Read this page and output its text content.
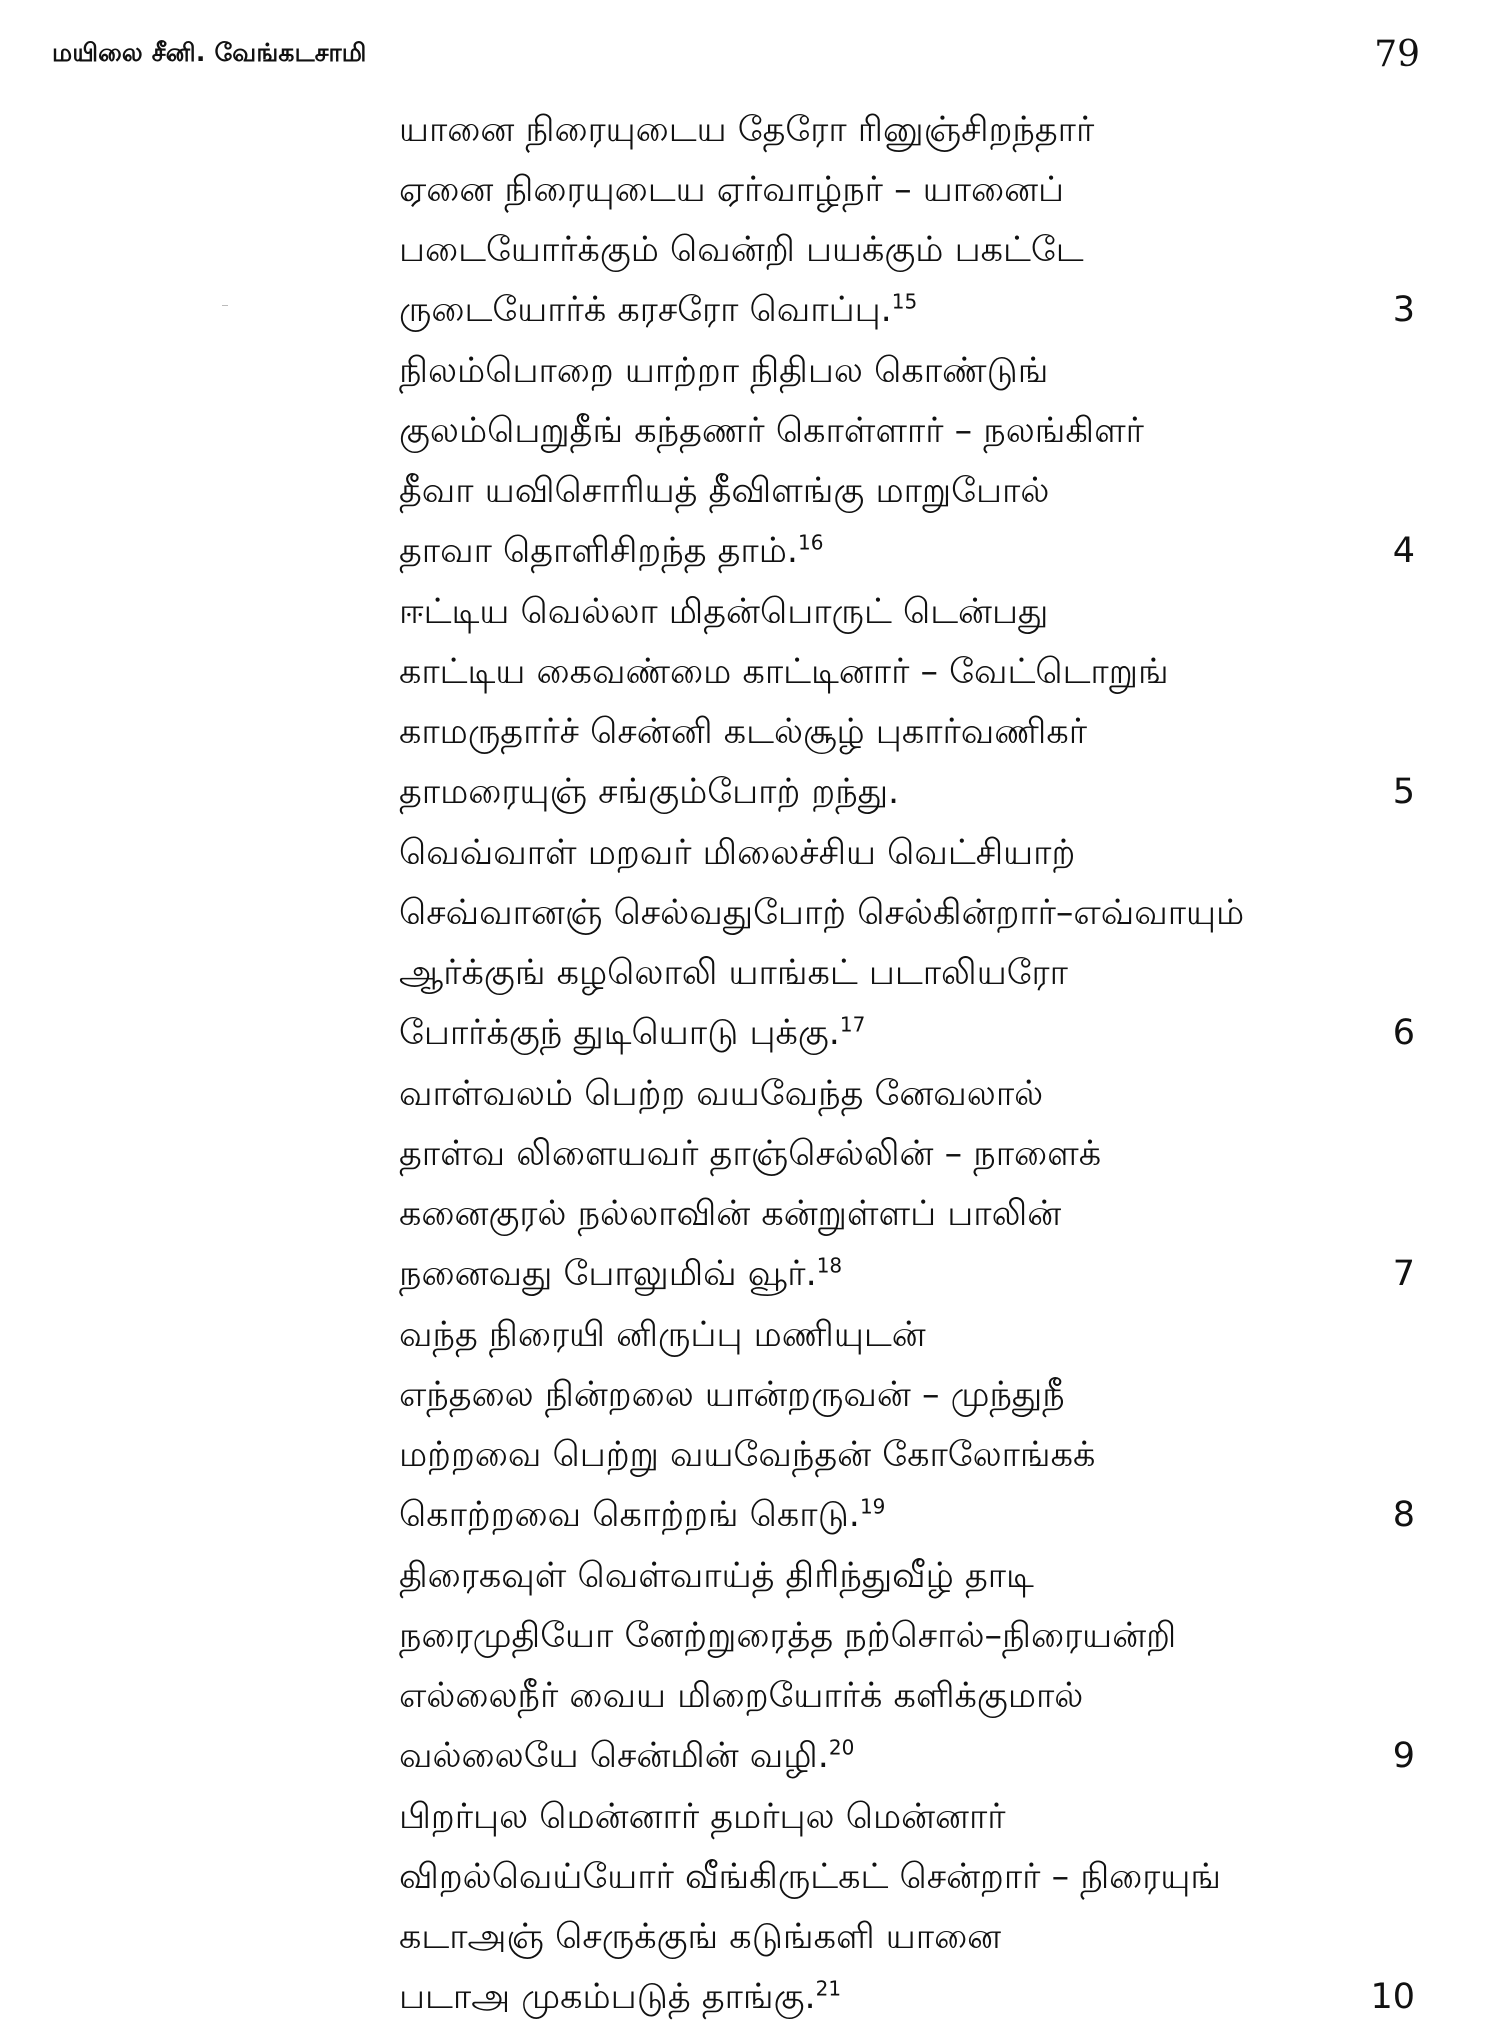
மயிலை சீனி. வேங்கடசாமி	79
யானை நிரையுடைய தேரோ ரினுஞ்சிறந்தார்
ஏனை நிரையுடைய ஏர்வாழ்நர் – யானைப்
படையோர்க்கும் வென்றி பயக்கும் பகட்டே
ருடையோர்க் கரசரோ வொப்பு.$^{15}$	3
நிலம்பொறை யாற்றா நிதிபல கொண்டுங்
குலம்பெறுதீங் கந்தணர் கொள்ளார் – நலங்கிளர்
தீவா யவிசொரியத் தீவிளங்கு மாறுபோல்
தாவா தொளிசிறந்த தாம்.$^{16}$	4
ஈட்டிய வெல்லா மிதன்பொருட் டென்பது
காட்டிய கைவண்மை காட்டினார் – வேட்டொறுங்
காமருதார்ச் சென்னி கடல்சூழ் புகார்வணிகர்
தாமரையுஞ் சங்கும்போற் றந்து.	5
வெவ்வாள் மறவர் மிலைச்சிய வெட்சியாற்
செவ்வானஞ் செல்வதுபோற் செல்கின்றார்–எவ்வாயும்
ஆர்க்குங் கழலொலி யாங்கட் படாலியரோ
போர்க்குந் துடியொடு புக்கு.$^{17}$	6
வாள்வலம் பெற்ற வயவேந்த னேவலால்
தாள்வ லிளையவர் தாஞ்செல்லின் – நாளைக்
கனைகுரல் நல்லாவின் கன்றுள்ளப் பாலின்
நனைவது போலுமிவ் வூர்.$^{18}$	7
வந்த நிரையி னிருப்பு மணியுடன்
எந்தலை நின்றலை யான்றருவன் – முந்துநீ
மற்றவை பெற்று வயவேந்தன் கோலோங்கக்
கொற்றவை கொற்றங் கொடு.$^{19}$	8
திரைகவுள் வெள்வாய்த் திரிந்துவீழ் தாடி
நரைமுதியோ னேற்றுரைத்த நற்சொல்–நிரையன்றி
எல்லைநீர் வைய மிறையோர்க் களிக்குமால்
வல்லையே சென்மின் வழி.$^{20}$	9
பிறர்புல மென்னார் தமர்புல மென்னார்
விறல்வெய்யோர் வீங்கிருட்கட் சென்றார் – நிரையுங்
கடாஅஞ் செருக்குங் கடுங்களி யானை
படாஅ முகம்படுத் தாங்கு.$^{21}$	10
